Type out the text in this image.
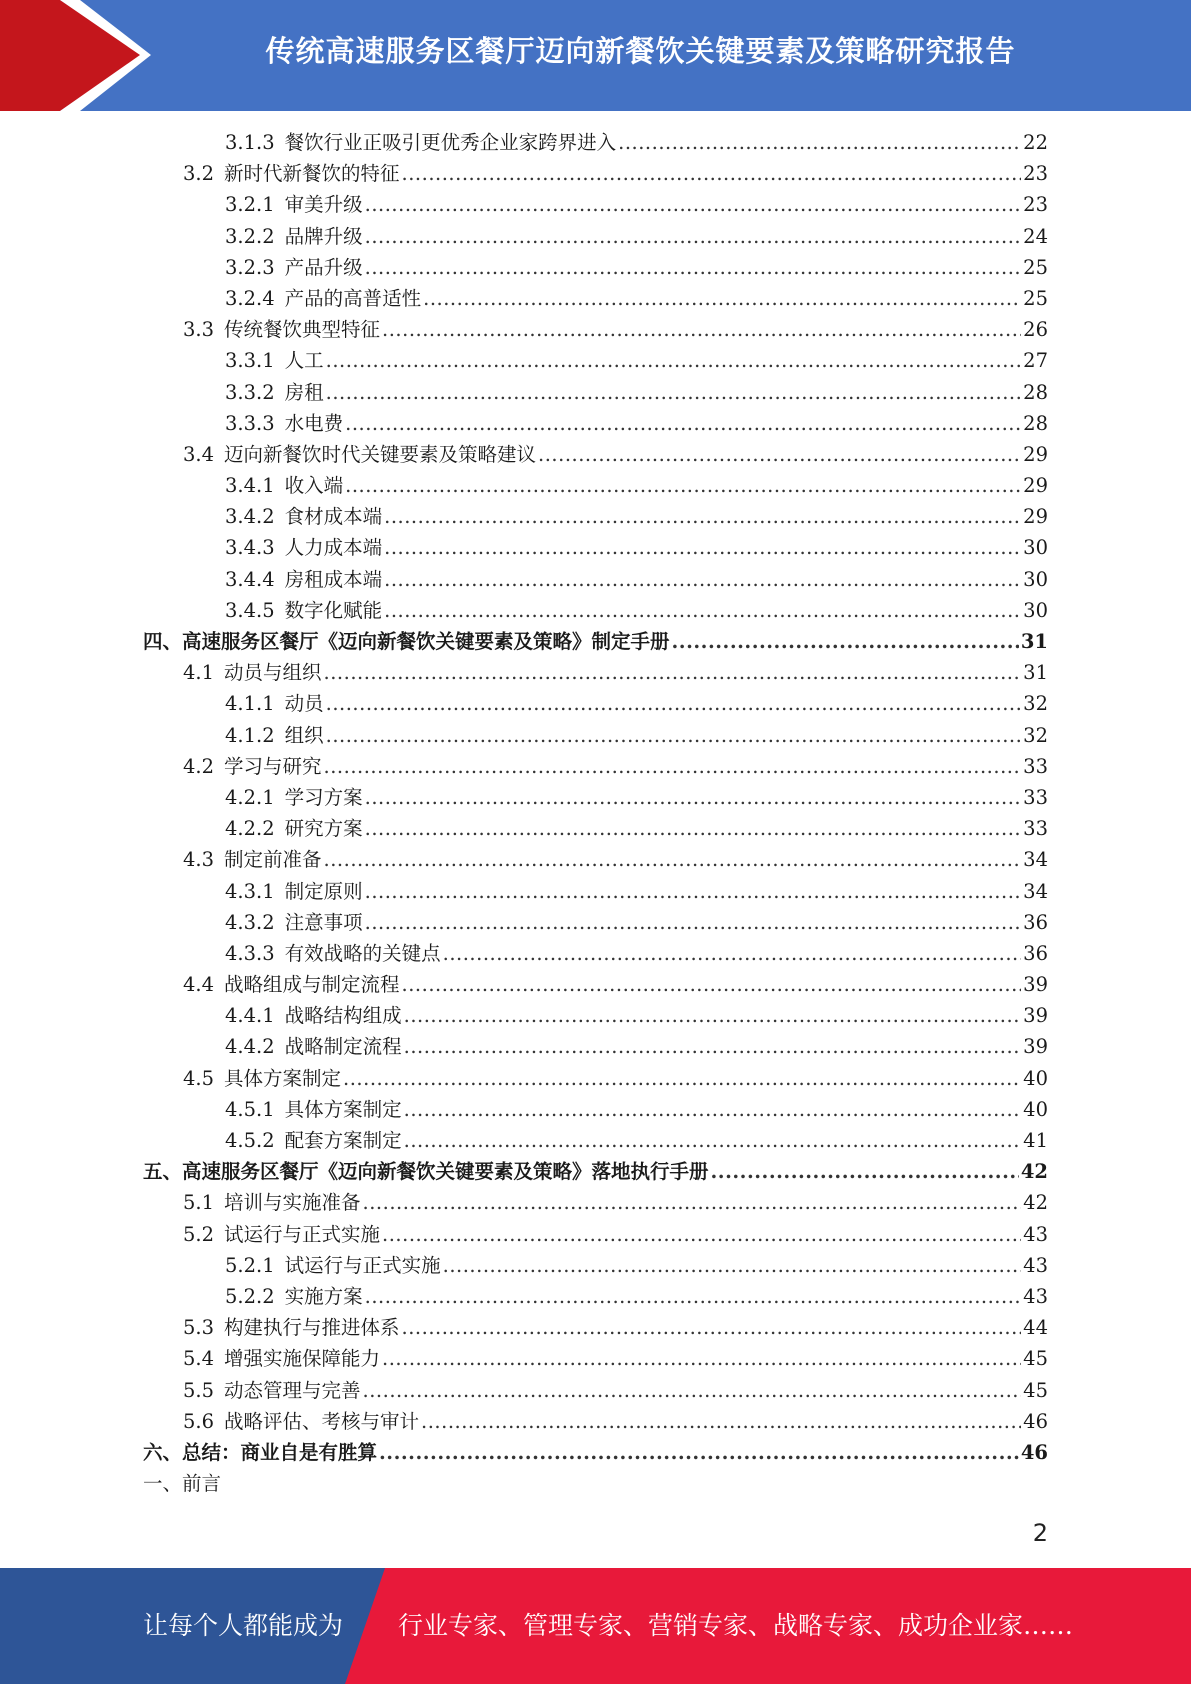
传统高速服务区餐厅迈向新餐饮关键要素及策略研究报告
3.1.3 餐饮行业正吸引更优秀企业家跨界进入 .....	22
3.2 新时代新餐饮的特征 .....	23
3.2.1 审美升级 .....	23
3.2.2 品牌升级 .....	24
3.2.3 产品升级 .....	25
3.2.4 产品的高普适性 .....	25
3.3 传统餐饮典型特征 .....	26
3.3.1 人工 .....	27
3.3.2 房租 .....	28
3.3.3 水电费 .....	28
3.4 迈向新餐饮时代关键要素及策略建议 .....	29
3.4.1 收入端 .....	29
3.4.2 食材成本端 .....	29
3.4.3 人力成本端 .....	30
3.4.4 房租成本端 .....	30
3.4.5 数字化赋能 .....	30
四、高速服务区餐厅《迈向新餐饮关键要素及策略》制定手册 .....	31
4.1 动员与组织 .....	31
4.1.1 动员 .....	32
4.1.2 组织 .....	32
4.2 学习与研究 .....	33
4.2.1 学习方案 .....	33
4.2.2 研究方案 .....	33
4.3 制定前准备 .....	34
4.3.1 制定原则 .....	34
4.3.2 注意事项 .....	36
4.3.3 有效战略的关键点 .....	36
4.4 战略组成与制定流程 .....	39
4.4.1 战略结构组成 .....	39
4.4.2 战略制定流程 .....	39
4.5 具体方案制定 .....	40
4.5.1 具体方案制定 .....	40
4.5.2 配套方案制定 .....	41
五、高速服务区餐厅《迈向新餐饮关键要素及策略》落地执行手册 .....	42
5.1 培训与实施准备 .....	42
5.2 试运行与正式实施 .....	43
5.2.1 试运行与正式实施 .....	43
5.2.2 实施方案 .....	43
5.3 构建执行与推进体系 .....	44
5.4 增强实施保障能力 .....	45
5.5 动态管理与完善 .....	45
5.6 战略评估、考核与审计 .....	46
六、总结：商业自是有胜算 .....	46
一、前言
2
让每个人都能成为 行业专家、管理专家、营销专家、战略专家、成功企业家……
